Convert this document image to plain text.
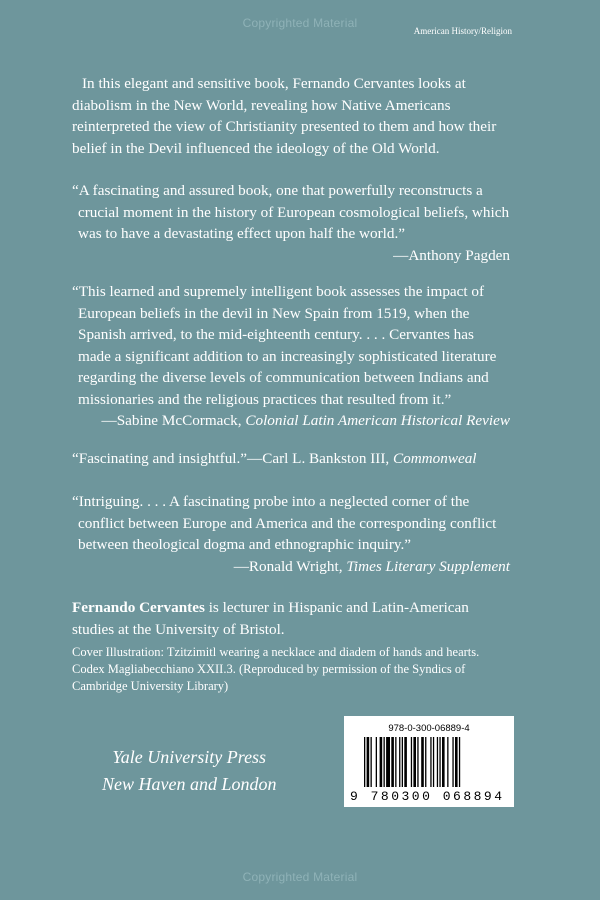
Copyrighted Material
American History/Religion

In this elegant and sensitive book, Fernando Cervantes looks at diabolism in the New World, revealing how Native Americans reinterpreted the view of Christianity presented to them and how their belief in the Devil influenced the ideology of the Old World.

“A fascinating and assured book, one that powerfully reconstructs a crucial moment in the history of European cosmological beliefs, which was to have a devastating effect upon half the world.”

—Anthony Pagden

“This learned and supremely intelligent book assesses the impact of European beliefs in the devil in New Spain from 1519, when the Spanish arrived, to the mid-eighteenth century. . . . Cervantes has made a significant addition to an increasingly sophisticated literature regarding the diverse levels of communication between Indians and missionaries and the religious practices that resulted from it.”

—Sabine McCormack, Colonial Latin American Historical Review

“Fascinating and insightful.”—Carl L. Bankston III, Commonweal

“Intriguing. . . . A fascinating probe into a neglected corner of the conflict between Europe and America and the corresponding conflict between theological dogma and ethnographic inquiry.”

—Ronald Wright, Times Literary Supplement

Fernando Cervantes is lecturer in Hispanic and Latin-American studies at the University of Bristol.

Cover Illustration: Tzitzimitl wearing a necklace and diadem of hands and hearts. Codex Magliabecchiano XXII.3. (Reproduced by permission of the Syndics of Cambridge University Library)
978-0-300-06889-4
9 780300 068894
Yale University Press
New Haven and London
Copyrighted Material
